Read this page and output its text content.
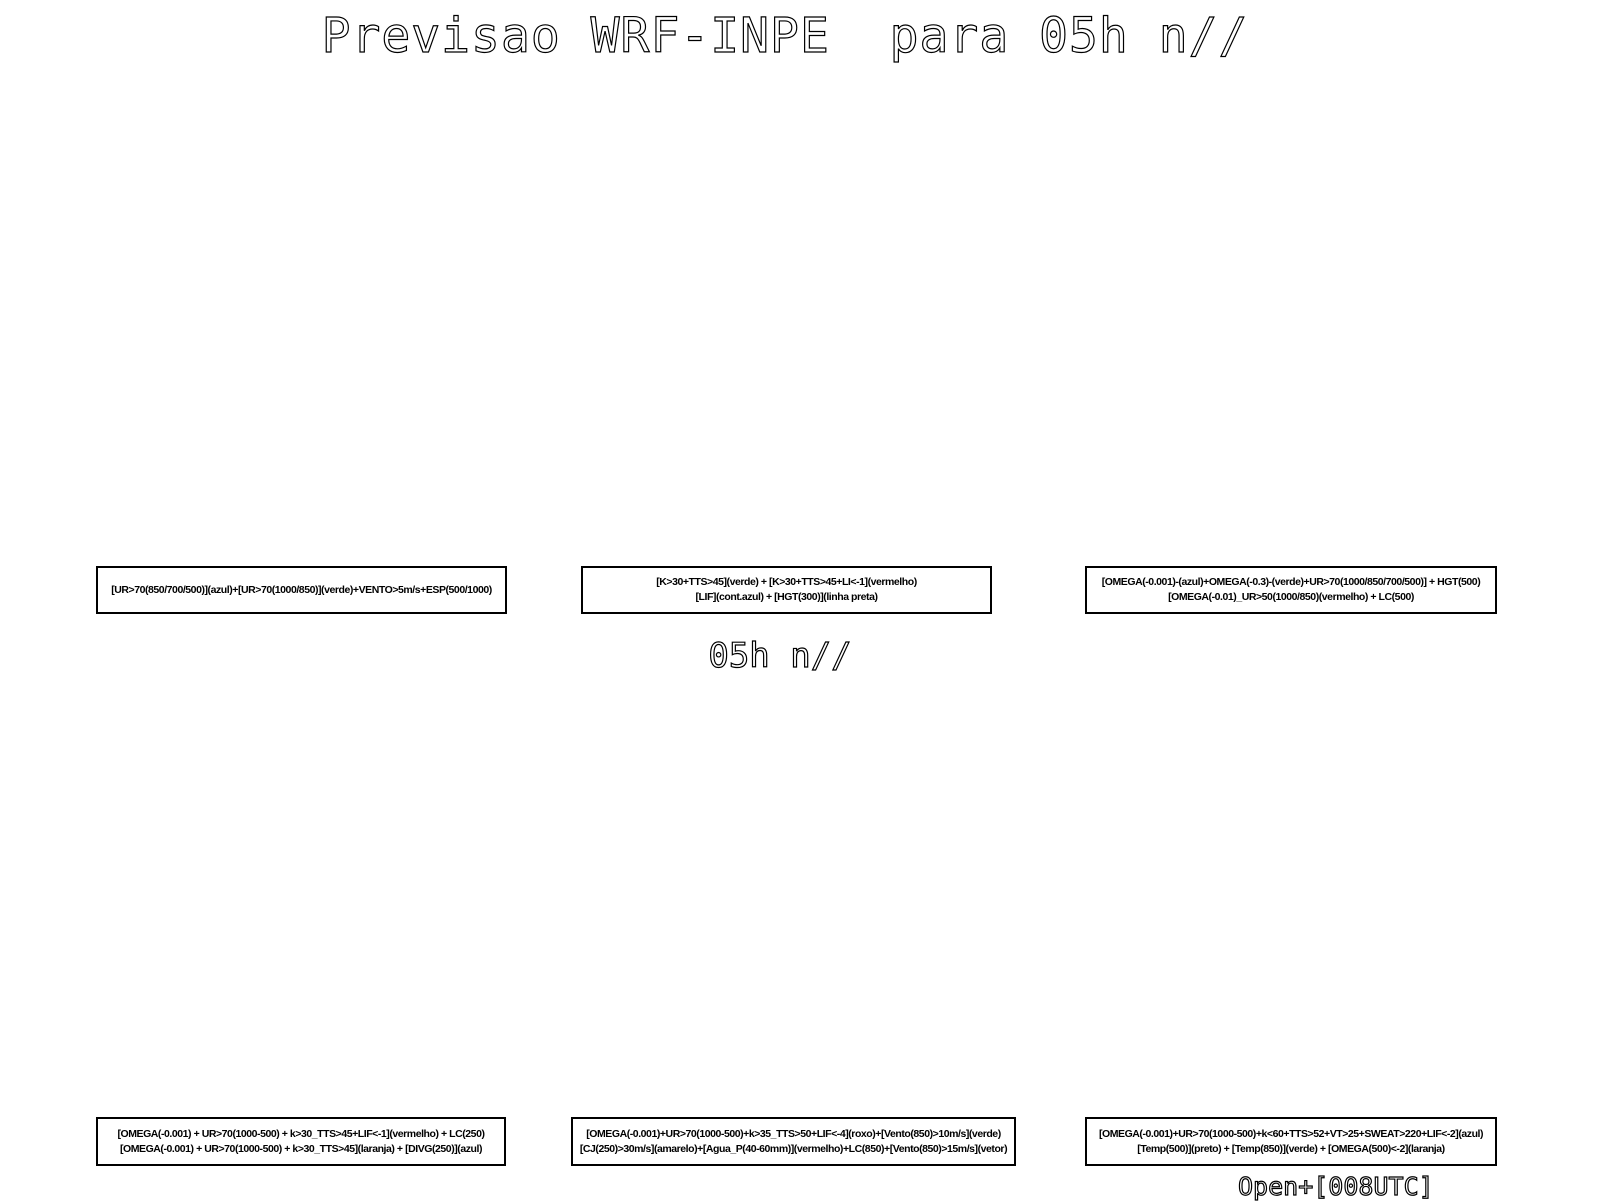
Previsao WRF-INPE  para 05h n//
[UR>70(850/700/500)](azul)+[UR>70(1000/850)](verde)+VENTO>5m/s+ESP(500/1000)
[K>30+TTS>45](verde) + [K>30+TTS>45+LI<-1](vermelho)
[LIF](cont.azul) + [HGT(300)](linha preta)
[OMEGA(-0.001)-(azul)+OMEGA(-0.3)-(verde)+UR>70(1000/850/700/500)] + HGT(500)
[OMEGA(-0.01)_UR>50(1000/850)(vermelho) + LC(500)
05h n//
[OMEGA(-0.001) + UR>70(1000-500) + k>30_TTS>45+LIF<-1](vermelho) + LC(250)
[OMEGA(-0.001) + UR>70(1000-500) + k>30_TTS>45](laranja) + [DIVG(250)](azul)
[OMEGA(-0.001)+UR>70(1000-500)+k>35_TTS>50+LIF<-4](roxo)+[Vento(850)>10m/s](verde)
[CJ(250)>30m/s](amarelo)+[Agua_P(40-60mm)](vermelho)+LC(850)+[Vento(850)>15m/s](vetor)
[OMEGA(-0.001)+UR>70(1000-500)+k<60+TTS>52+VT>25+SWEAT>220+LIF<-2](azul)
[Temp(500)](preto) + [Temp(850)](verde) + [OMEGA(500)<-2](laranja)
Open+[008UTC]
